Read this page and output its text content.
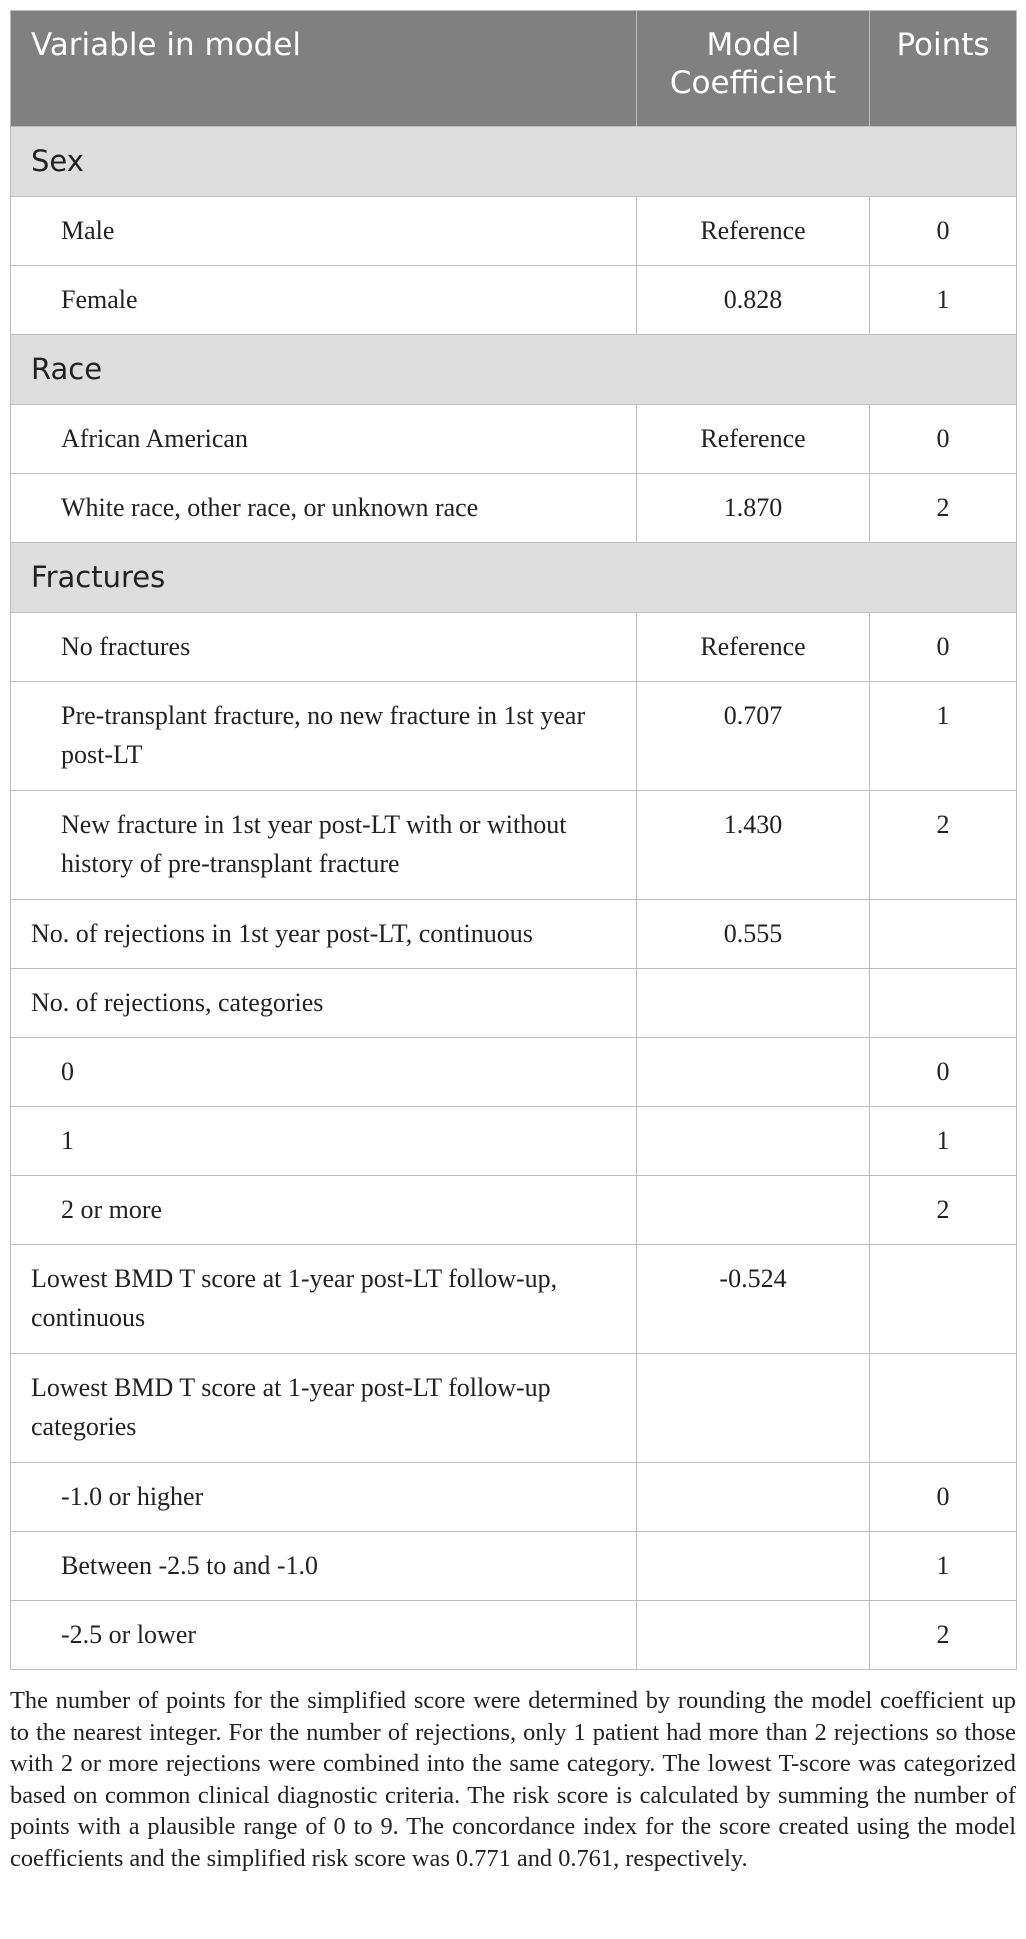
Variable in model	Model Coefficient	Points
Sex		
Male	Reference	0
Female	0.828	1
Race		
African American	Reference	0
White race, other race, or unknown race	1.870	2
Fractures		
No fractures	Reference	0
Pre-transplant fracture, no new fracture in 1st year post-LT	0.707	1
New fracture in 1st year post-LT with or without history of pre-transplant fracture	1.430	2
No. of rejections in 1st year post-LT, continuous	0.555	
No. of rejections, categories		
0		0
1		1
2 or more		2
Lowest BMD T score at 1-year post-LT follow-up, continuous	-0.524	
Lowest BMD T score at 1-year post-LT follow-up categories		
-1.0 or higher		0
Between -2.5 to and -1.0		1
-2.5 or lower		2

The number of points for the simplified score were determined by rounding the model coefficient up to the nearest integer. For the number of rejections, only 1 patient had more than 2 rejections so those with 2 or more rejections were combined into the same category. The lowest T-score was categorized based on common clinical diagnostic criteria. The risk score is calculated by summing the number of points with a plausible range of 0 to 9. The concordance index for the score created using the model coefficients and the simplified risk score was 0.771 and 0.761, respectively.
